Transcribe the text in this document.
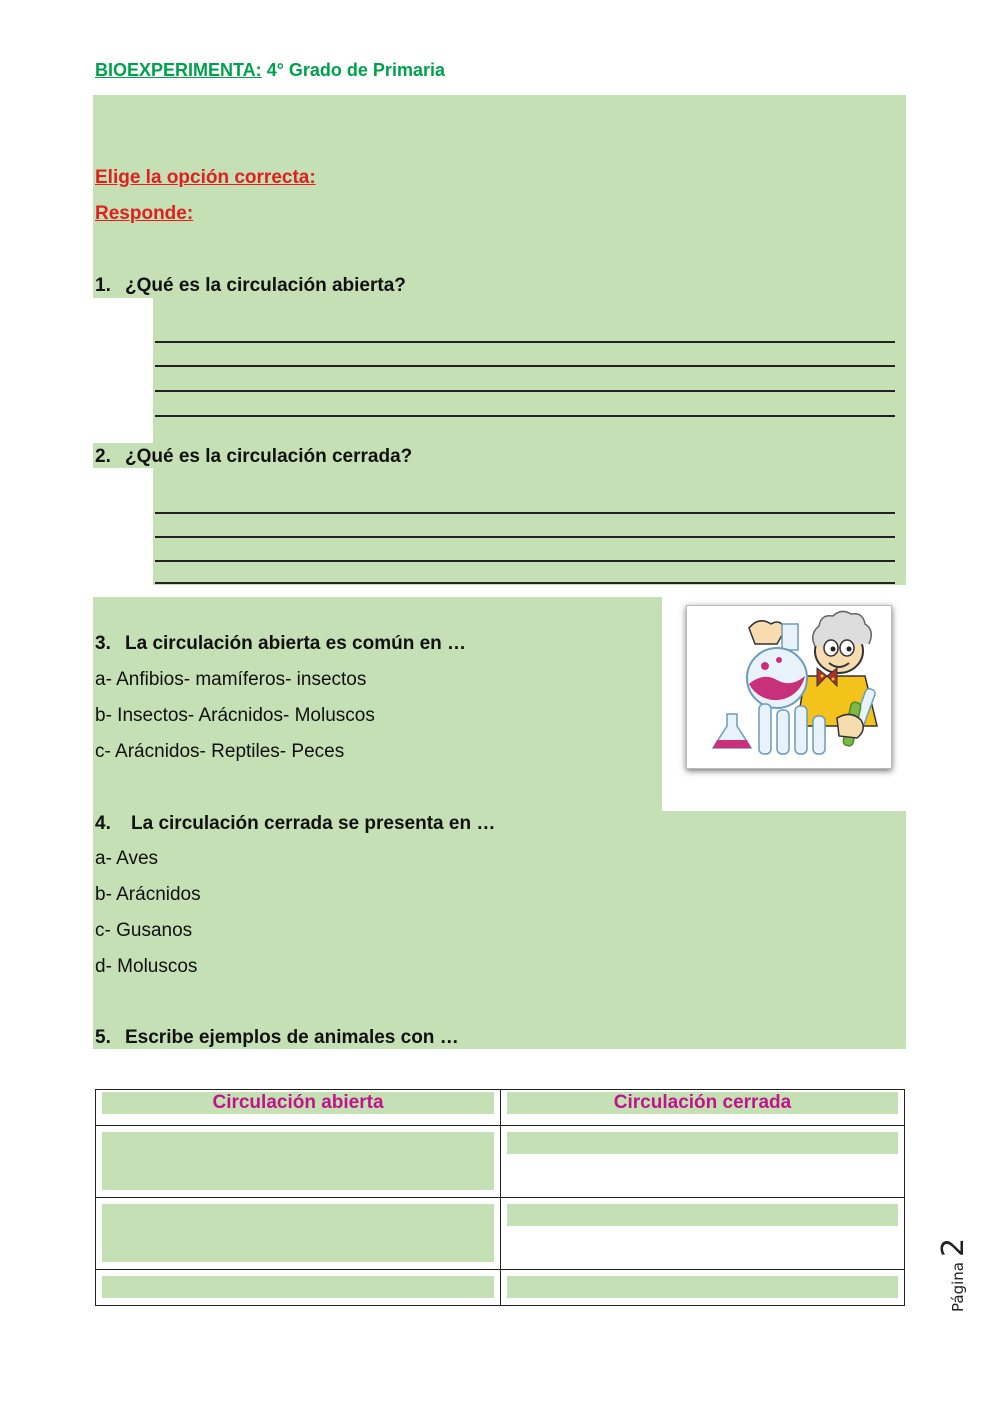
BIOEXPERIMENTA: 4° Grado de Primaria
Elige la opción correcta:
Responde:
1. ¿Qué es la circulación abierta?
2. ¿Qué es la circulación cerrada?
3. La circulación abierta es común en …
a- Anfibios- mamíferos- insectos
b- Insectos- Arácnidos- Moluscos
c- Arácnidos- Reptiles- Peces
4. La circulación cerrada se presenta en …
a- Aves
b- Arácnidos
c- Gusanos
d- Moluscos
5. Escribe ejemplos de animales con …
Circulación abierta	Circulación cerrada

Página 2
